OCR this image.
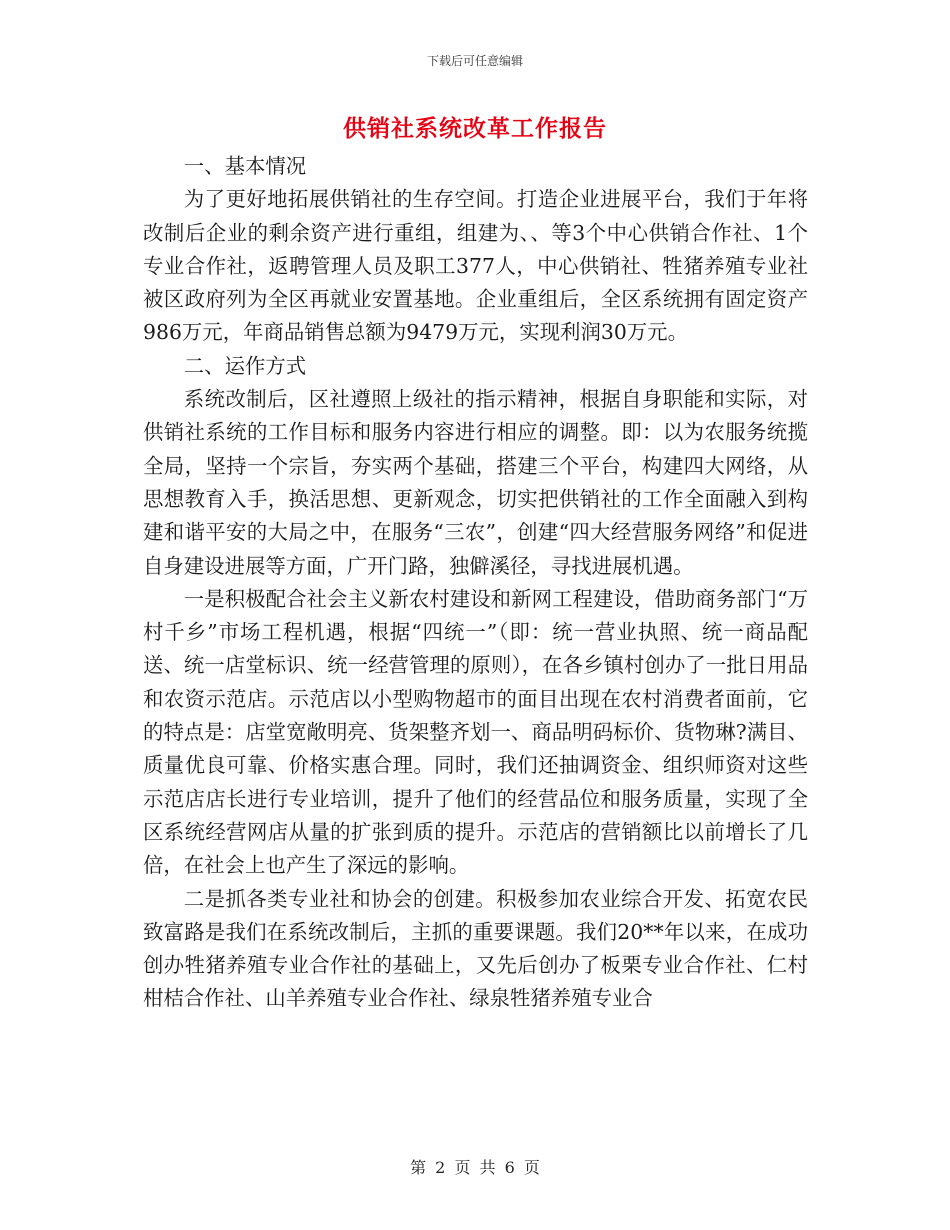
下载后可任意编辑
供销社系统改革工作报告

一、基本情况

为了更好地拓展供销社的生存空间。打造企业进展平台，我们于年将改制后企业的剩余资产进行重组，组建为、、等3个中心供销合作社、1个专业合作社，返聘管理人员及职工377人，中心供销社、牲猪养殖专业社被区政府列为全区再就业安置基地。企业重组后，全区系统拥有固定资产986万元，年商品销售总额为9479万元，实现利润30万元。

二、运作方式

系统改制后，区社遵照上级社的指示精神，根据自身职能和实际，对供销社系统的工作目标和服务内容进行相应的调整。即：以为农服务统揽全局，坚持一个宗旨，夯实两个基础，搭建三个平台，构建四大网络，从思想教育入手，换活思想、更新观念，切实把供销社的工作全面融入到构建和谐平安的大局之中，在服务“三农”，创建“四大经营服务网络”和促进自身建设进展等方面，广开门路，独僻溪径，寻找进展机遇。

一是积极配合社会主义新农村建设和新网工程建设，借助商务部门“万村千乡”市场工程机遇，根据“四统一”（即：统一营业执照、统一商品配送、统一店堂标识、统一经营管理的原则），在各乡镇村创办了一批日用品和农资示范店。示范店以小型购物超市的面目出现在农村消费者面前，它的特点是：店堂宽敞明亮、货架整齐划一、商品明码标价、货物琳?满目、质量优良可靠、价格实惠合理。同时，我们还抽调资金、组织师资对这些示范店店长进行专业培训，提升了他们的经营品位和服务质量，实现了全区系统经营网店从量的扩张到质的提升。示范店的营销额比以前增长了几倍，在社会上也产生了深远的影响。

二是抓各类专业社和协会的创建。积极参加农业综合开发、拓宽农民致富路是我们在系统改制后，主抓的重要课题。我们20**年以来，在成功创办牲猪养殖专业合作社的基础上，又先后创办了板栗专业合作社、仁村柑桔合作社、山羊养殖专业合作社、绿泉牲猪养殖专业合

第 2 页 共 6 页
